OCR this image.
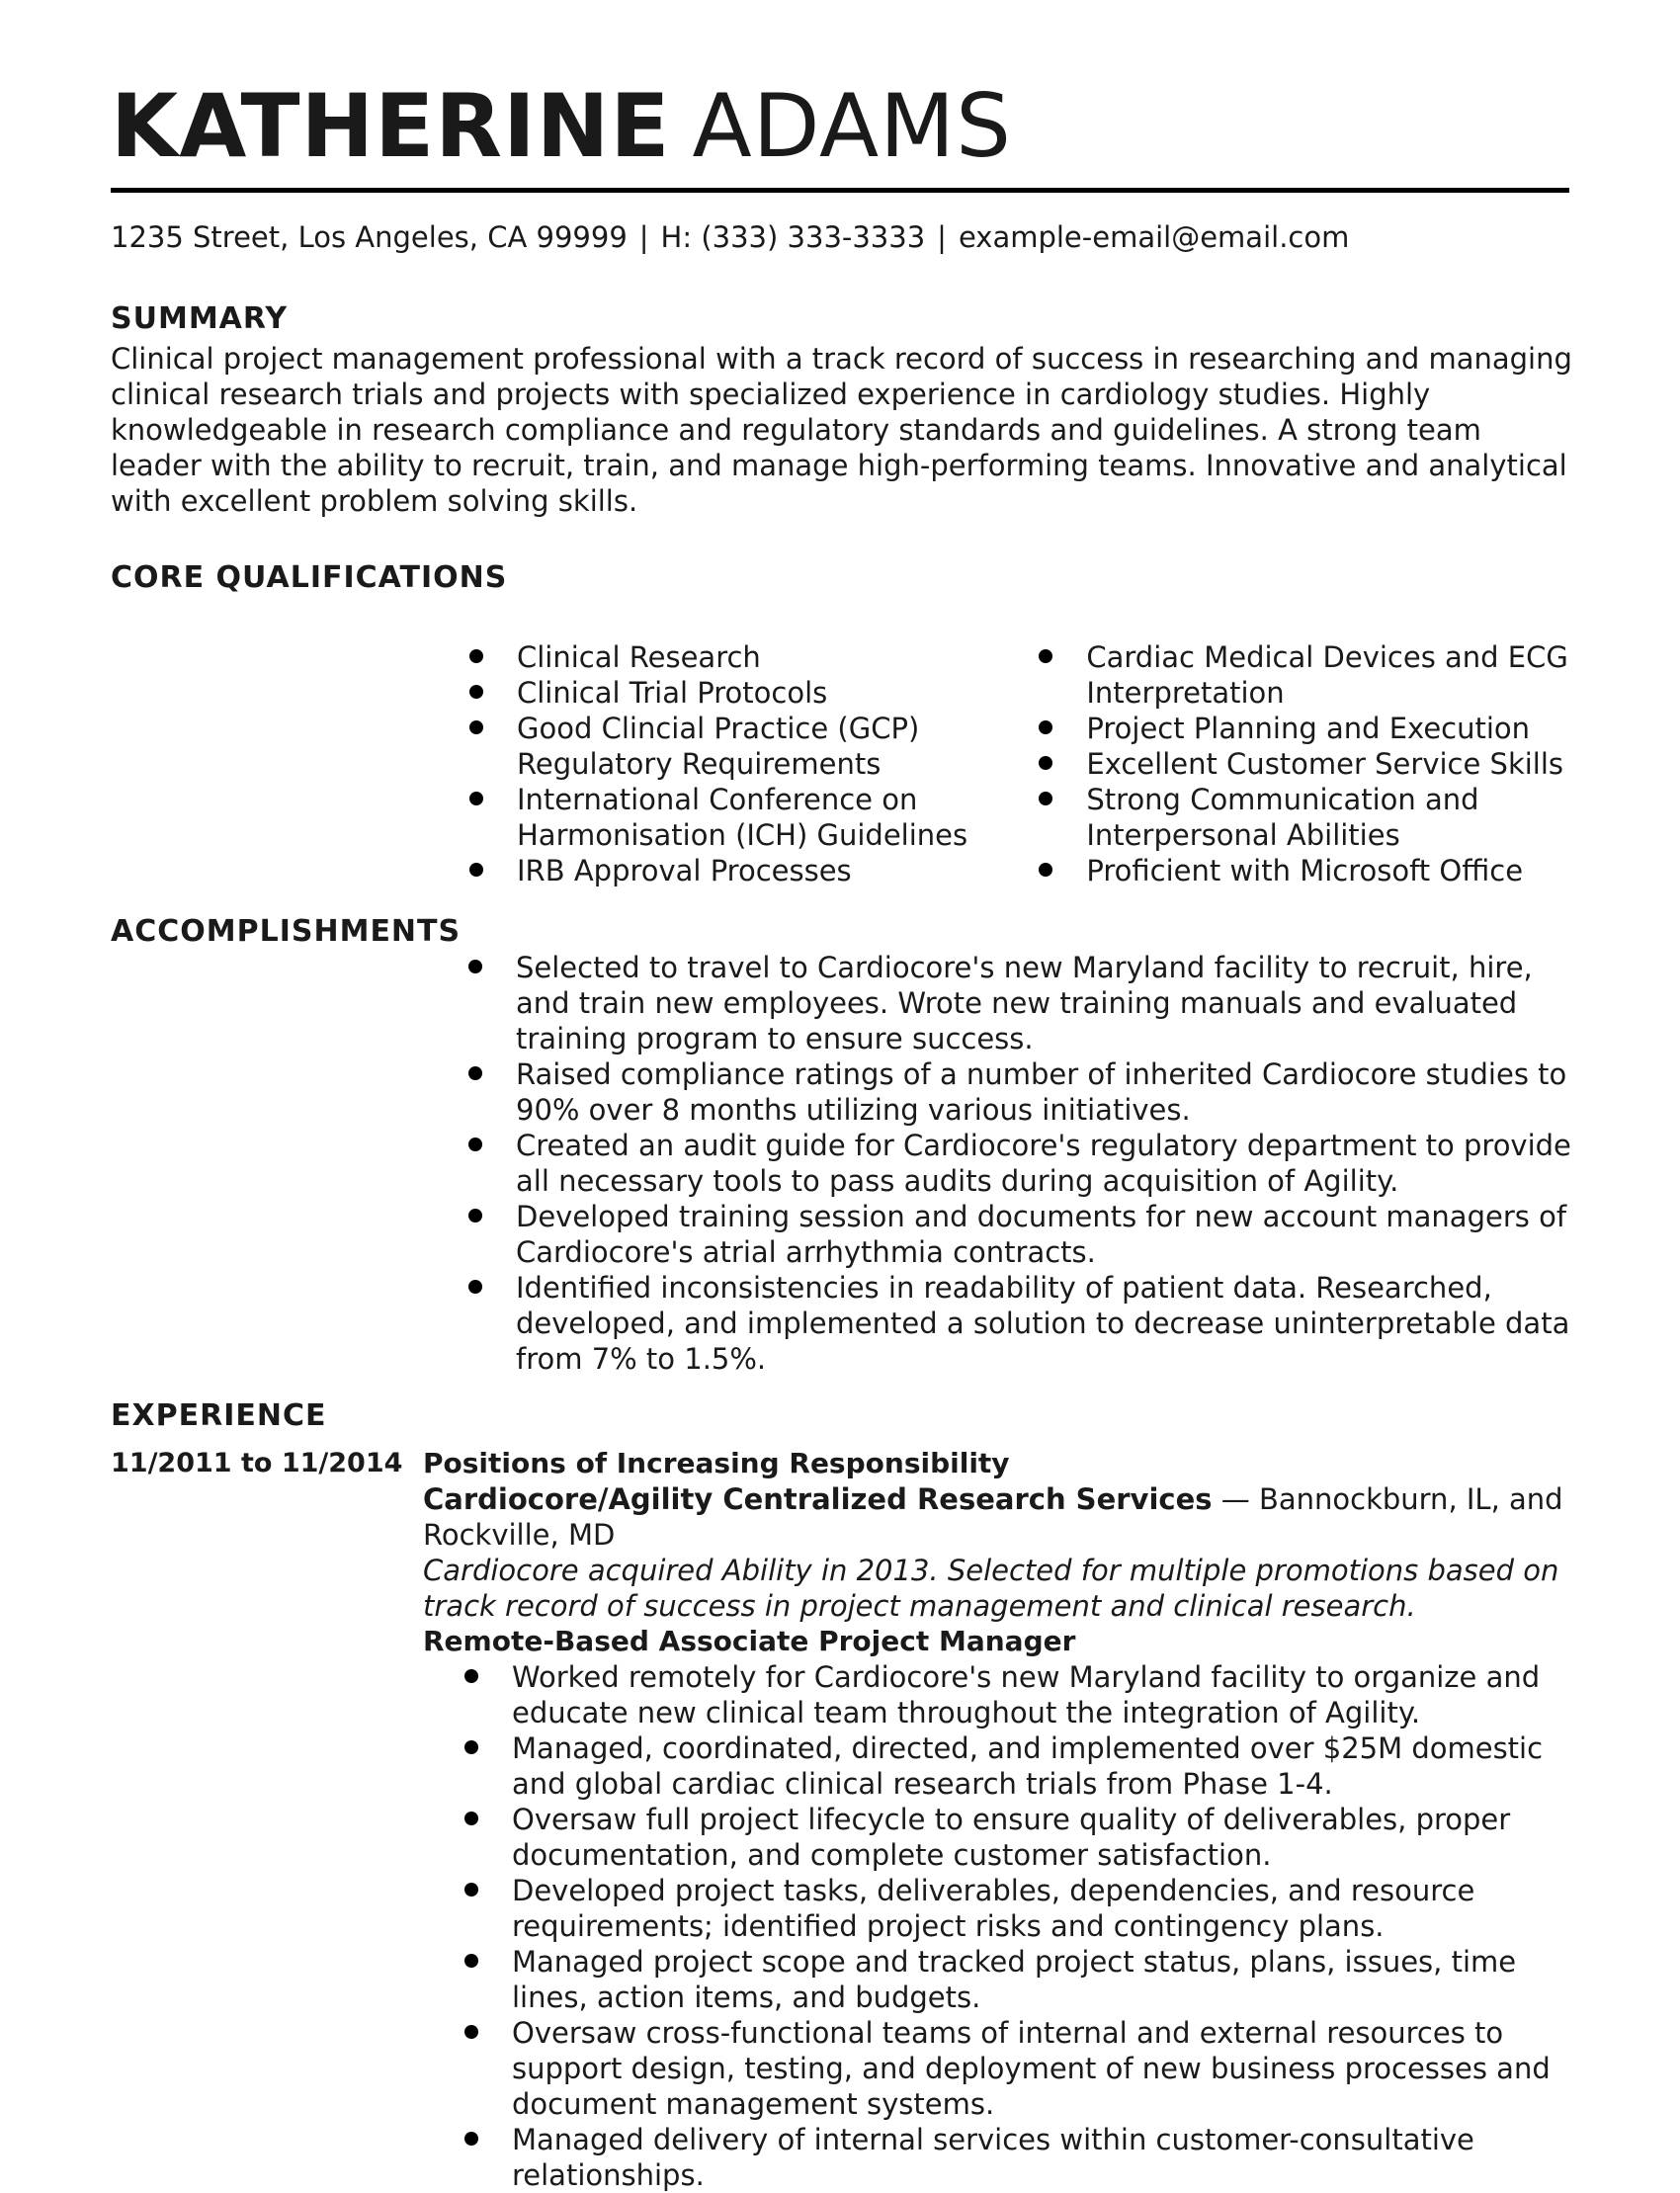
KATHERINE ADAMS
1235 Street, Los Angeles, CA 99999 | H: (333) 333-3333 | example-email@email.com
SUMMARY
Clinical project management professional with a track record of success in researching and managing clinical research trials and projects with specialized experience in cardiology studies. Highly knowledgeable in research compliance and regulatory standards and guidelines. A strong team leader with the ability to recruit, train, and manage high-performing teams. Innovative and analytical with excellent problem solving skills.
CORE QUALIFICATIONS
Clinical Research
Clinical Trial Protocols
Good Clincial Practice (GCP) Regulatory Requirements
International Conference on Harmonisation (ICH) Guidelines
IRB Approval Processes
Cardiac Medical Devices and ECG Interpretation
Project Planning and Execution
Excellent Customer Service Skills
Strong Communication and Interpersonal Abilities
Proficient with Microsoft Office
ACCOMPLISHMENTS
Selected to travel to Cardiocore's new Maryland facility to recruit, hire, and train new employees. Wrote new training manuals and evaluated training program to ensure success.
Raised compliance ratings of a number of inherited Cardiocore studies to 90% over 8 months utilizing various initiatives.
Created an audit guide for Cardiocore's regulatory department to provide all necessary tools to pass audits during acquisition of Agility.
Developed training session and documents for new account managers of Cardiocore's atrial arrhythmia contracts.
Identified inconsistencies in readability of patient data. Researched, developed, and implemented a solution to decrease uninterpretable data from 7% to 1.5%.
EXPERIENCE
11/2011 to 11/2014 Positions of Increasing Responsibility
Cardiocore/Agility Centralized Research Services — Bannockburn, IL, and Rockville, MD
Cardiocore acquired Ability in 2013. Selected for multiple promotions based on track record of success in project management and clinical research.
Remote-Based Associate Project Manager
Worked remotely for Cardiocore's new Maryland facility to organize and educate new clinical team throughout the integration of Agility.
Managed, coordinated, directed, and implemented over $25M domestic and global cardiac clinical research trials from Phase 1-4.
Oversaw full project lifecycle to ensure quality of deliverables, proper documentation, and complete customer satisfaction.
Developed project tasks, deliverables, dependencies, and resource requirements; identified project risks and contingency plans.
Managed project scope and tracked project status, plans, issues, time lines, action items, and budgets.
Oversaw cross-functional teams of internal and external resources to support design, testing, and deployment of new business processes and document management systems.
Managed delivery of internal services within customer-consultative relationships.
